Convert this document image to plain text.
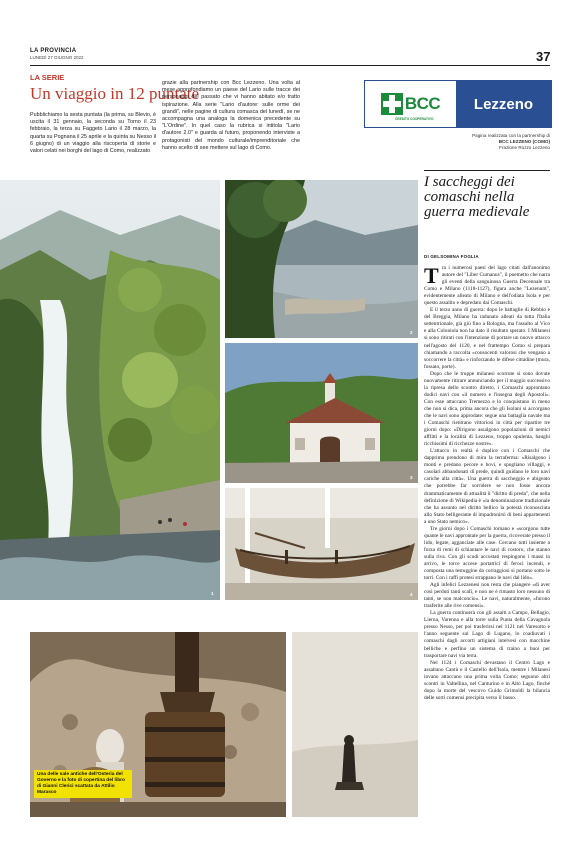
LA PROVINCIA
LUNEDÌ 27 GIUGNO 2022	37
LA SERIE
Un viaggio in 12 puntate
Pubblichiamo la sesta puntata (la prima, su Blevio, è uscita il 31 gennaio, la seconda su Torno il 23 febbraio, la terza su Faggeto Lario il 28 marzo, la quarta su Pognana il 25 aprile e la quinta su Nesso il 6 giugno) di un viaggio alla riscoperta di storie e valori celati nei borghi del lago di Como, realizzato
grazie alla partnership con Bcc Lezzeno. Una volta al mese approfondiamo un paese del Lario sulle tracce dei personaggi del passato che vi hanno abitato e/o tratto ispirazione. Alla serie "Lario d'autore: sulle orme dei grandi", nelle pagine di cultura comasca del lunedì, se ne accompagna una analoga la domenica precedente su "L'Ordine". In quel caso la rubrica si intitola "Lario d'autore 2.0" e guarda al futuro, proponendo interviste a protagonisti del mondo culturale/imprenditoriale che hanno scelto di see mettere sul lago di Como.
BCC
CREDITO COOPERATIVO
Lezzeno
Pagina realizzata con la partnership di
BCC LEZZENO (COMO)
Frazione Rozzo Lezzeno
I saccheggi dei comaschi nella guerra medievale
DI GELSOMINA FOGLIA

Tra i numerosi paesi del lago citati dall'anonimo autore del "Liber Cumanus", il poemetto che narra gli eventi della sanguinosa Guerra Decennale tra Como e Milano (1118-1127), figura anche "Lezenum", evidentemente alleato di Milano e dell'odiata Isola e per questo assalito e depredato dai Comaschi.

E il terzo anno di guerra: dopo le battaglie di Rebbio e del Breggia, Milano ha radunato alleati da tutta l'Italia settentrionale, già giù fino a Bologna, ma l'assalto al Vico e alla Coloniola non ha dato il risultato sperato. I Milanesi si sono ritirati con l'intenzione di portare un nuovo attacco nell'agosto del 1120, e nel frattempo Como si prepara chiamando a raccolta «consocenti valorosi che vengano a soccorrere la città» e rinforzando le difese cittadine (mura, fossato, porte).

Dopo che le truppe milanesi scorrute si sono dovute nuovamente ritirare annunciando per il maggio successivo la ripresa dello scontro diretto, i Comaschi approntano dodici navi con «il numero e l'insegna degli Apostoli». Con esse attaccano Tremezzo e lo conquistano in meno che non si dica, prima ancora che gli Isolani si accorgano che le navi sono approdate: segue una battaglia navale ma i Comaschi rientrano vittoriosi in città per ripartire tre giorni dopo: «Dirigono assalgono popolazioni di nemici afflitti e la località di Lezzeno, troppo opulenta, haughi ricchissimi di ricchezze nostre».

L'attacco in realtà è duplice con i Comaschi che dapprima prendono di mira la terraferma: «Risalgono i monti e predano pecore e bovi, e spogliano villaggi, e casolari abbandonati di prede, quindi guidano le loro navi cariche alla città». Una guerra di saccheggio e abigeato che potrebbe far sorridere se non fosse ancora drammaticamente di attualità il "diritto di preda", che nella definizione di Wikipedia è «la denominazione tradizionale che ha assunto nel diritto bellico la potestà riconosciuta allo Stato belligerante di impadronirsi di beni appartenenti a uno Stato nemico».

Tre giorni dopo i Comaschi tornano e «scorgono tutte quante le navi approntate per la guerra, ricoverate presso il lido, legate, agganciate alle case. Cercano tutti insieme a forza di remi di schiantare le navi di costoro, che stanno sulla riva. Con gli scudi accostati respingono i massi in arrivo, le torce accese portatrici di feroci incendi, e composta una testuggine da corraggiosi si portano sotto le torri. Con i raffi protesi strappano le navi dal lido».

Agli infelici Lezzenesi non resta che piangere «di aver così perduti tanti scafi, e non ne è rimasto loro nessuno di tanti, se non malconcio». Le navi, naturalmente, «furono trasferite alle rive comensi».

La guerra continuerà con gli assalti a Campo, Bellagio, Lierna, Varenna e alla torre sulla Punta della Cavagnola presso Nesso, per poi trasferirsi nel 1121 nel Varesotto e l'anno seguente sul Lago di Lugano, lo coadiuvati i comaschi dagli accorti artigiani intelvesi con macchine belliche e perfino un sistema di traino a buoi per trasportare navi via terra.

Nel 1124 i Comaschi devastano il Centro Lago e assaltano Cantù e il Castello dell'Isola, mentre i Milanesi invano attaccano una prima volta Como; seguono altri scontri in Valtellina, nel Canturino e in Alto Lago, finché dopo la morte del vescovo Guido Grimoldi la bilancia delle sorti comensi precipita verso il basso.

1
2
3
4
Una delle sale antiche dell'Osteria del Governo e la foto di copertina del libro di Gianni Clerici scattata da Attilio Marasco
